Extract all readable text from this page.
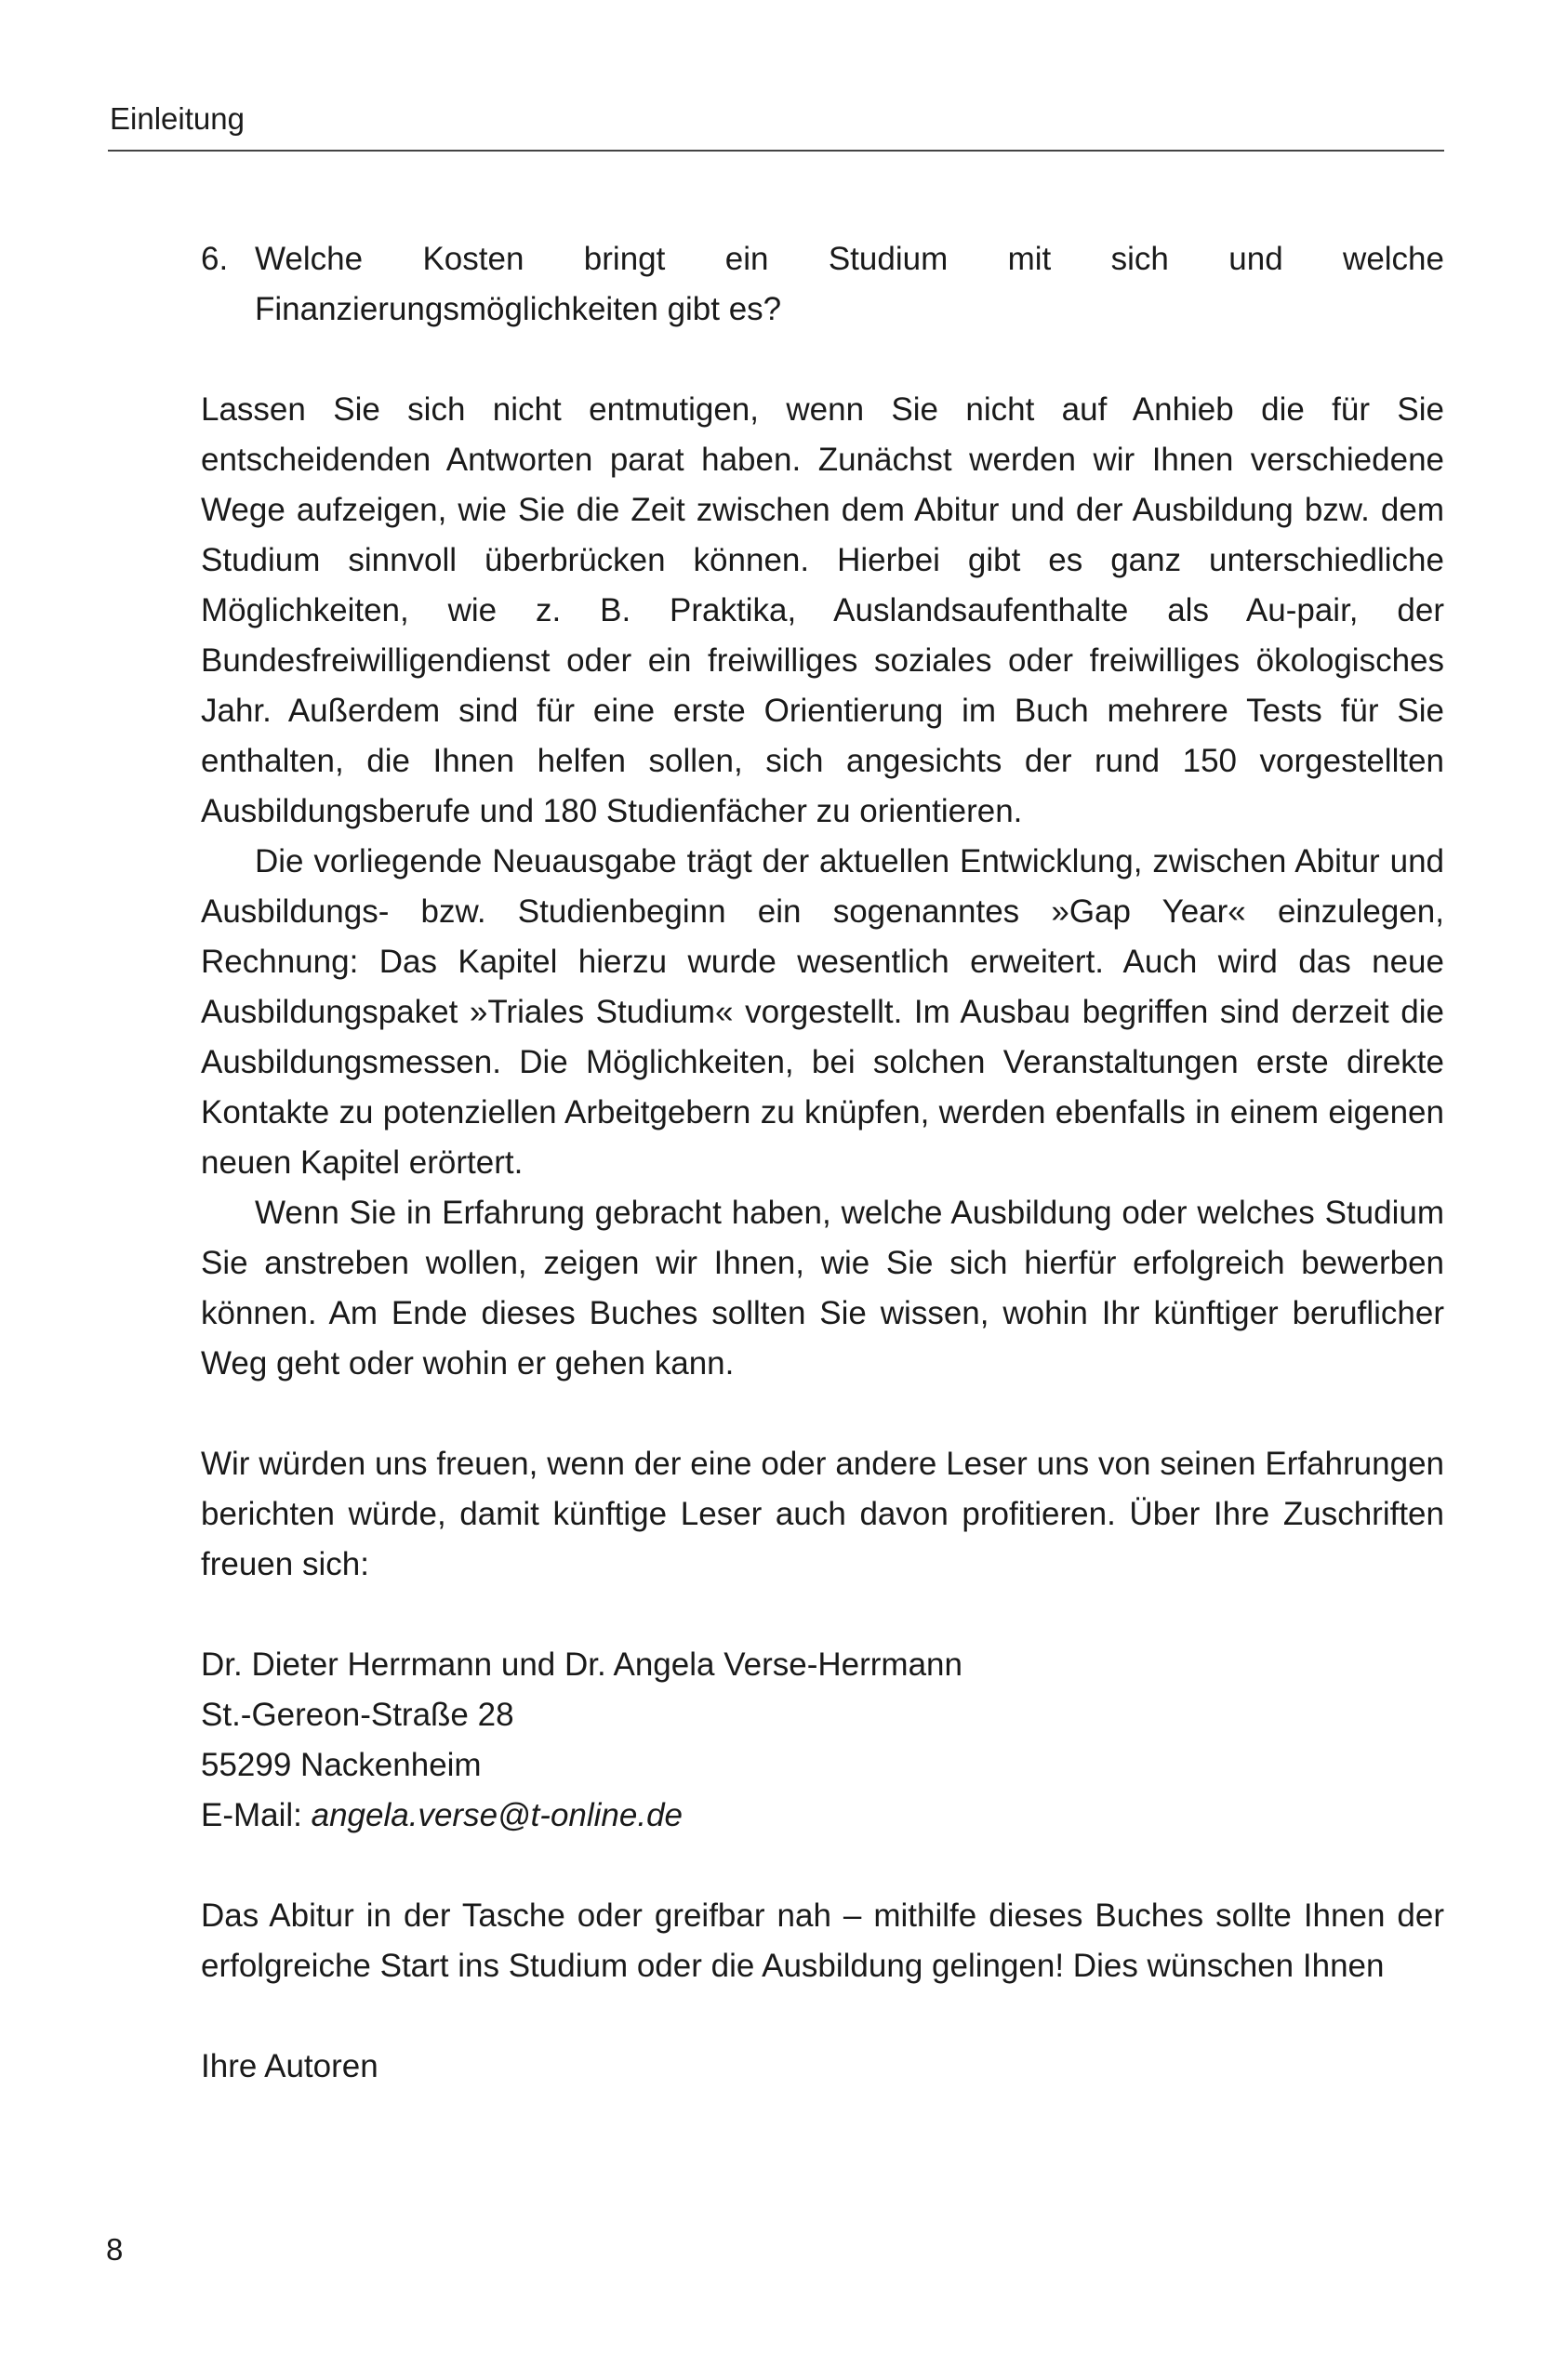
Einleitung
6. Welche Kosten bringt ein Studium mit sich und welche Finanzierungsmöglichkeiten gibt es?

Lassen Sie sich nicht entmutigen, wenn Sie nicht auf Anhieb die für Sie entscheidenden Antworten parat haben. Zunächst werden wir Ihnen verschiedene Wege aufzeigen, wie Sie die Zeit zwischen dem Abitur und der Ausbildung bzw. dem Studium sinnvoll überbrücken können. Hierbei gibt es ganz unterschiedliche Möglichkeiten, wie z. B. Praktika, Auslandsaufenthalte als Au-pair, der Bundesfreiwilligendienst oder ein freiwilliges soziales oder freiwilliges ökologisches Jahr. Außerdem sind für eine erste Orientierung im Buch mehrere Tests für Sie enthalten, die Ihnen helfen sollen, sich angesichts der rund 150 vorgestellten Ausbildungsberufe und 180 Studienfächer zu orientieren.

Die vorliegende Neuausgabe trägt der aktuellen Entwicklung, zwischen Abitur und Ausbildungs- bzw. Studienbeginn ein sogenanntes »Gap Year« einzulegen, Rechnung: Das Kapitel hierzu wurde wesentlich erweitert. Auch wird das neue Ausbildungspaket »Triales Studium« vorgestellt. Im Ausbau begriffen sind derzeit die Ausbildungsmessen. Die Möglichkeiten, bei solchen Veranstaltungen erste direkte Kontakte zu potenziellen Arbeitgebern zu knüpfen, werden ebenfalls in einem eigenen neuen Kapitel erörtert.

Wenn Sie in Erfahrung gebracht haben, welche Ausbildung oder welches Studium Sie anstreben wollen, zeigen wir Ihnen, wie Sie sich hierfür erfolgreich bewerben können. Am Ende dieses Buches sollten Sie wissen, wohin Ihr künftiger beruflicher Weg geht oder wohin er gehen kann.

Wir würden uns freuen, wenn der eine oder andere Leser uns von seinen Erfahrungen berichten würde, damit künftige Leser auch davon profitieren. Über Ihre Zuschriften freuen sich:

Dr. Dieter Herrmann und Dr. Angela Verse-Herrmann

St.-Gereon-Straße 28

55299 Nackenheim

E-Mail: angela.verse@t-online.de

Das Abitur in der Tasche oder greifbar nah – mithilfe dieses Buches sollte Ihnen der erfolgreiche Start ins Studium oder die Ausbildung gelingen! Dies wünschen Ihnen

Ihre Autoren

8
